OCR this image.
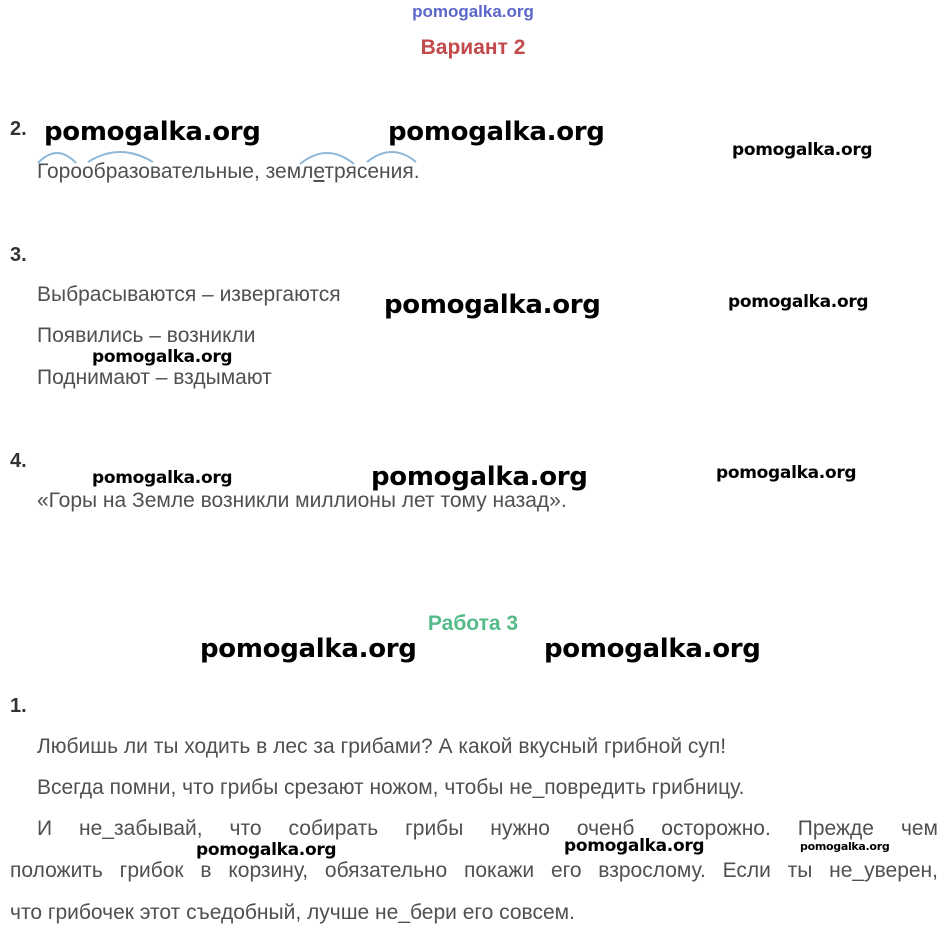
pomogalka.org
Вариант 2
2.
Горообразовательные, землетрясения.
3.
Выбрасываются – извергаются
Появились – возникли
Поднимают – вздымают
4.
«Горы на Земле возникли миллионы лет тому назад».
Работа 3
1.
Любишь ли ты ходить в лес за грибами? А какой вкусный грибной суп!
Всегда помни, что грибы срезают ножом, чтобы не_повредить грибницу.
И не_забывай, что собирать грибы нужно оченб осторожно. Прежде чем
положить грибок в корзину, обязательно покажи его взрослому. Если ты не_уверен,
что грибочек этот съедобный, лучше не_бери его совсем.
pomogalka.org	pomogalka.org
pomogalka.org
pomogalka.org	pomogalka.org
pomogalka.org
pomogalka.org	pomogalka.org	pomogalka.org
pomogalka.org	pomogalka.org
pomogalka.org	pomogalka.org	pomogalka.org
